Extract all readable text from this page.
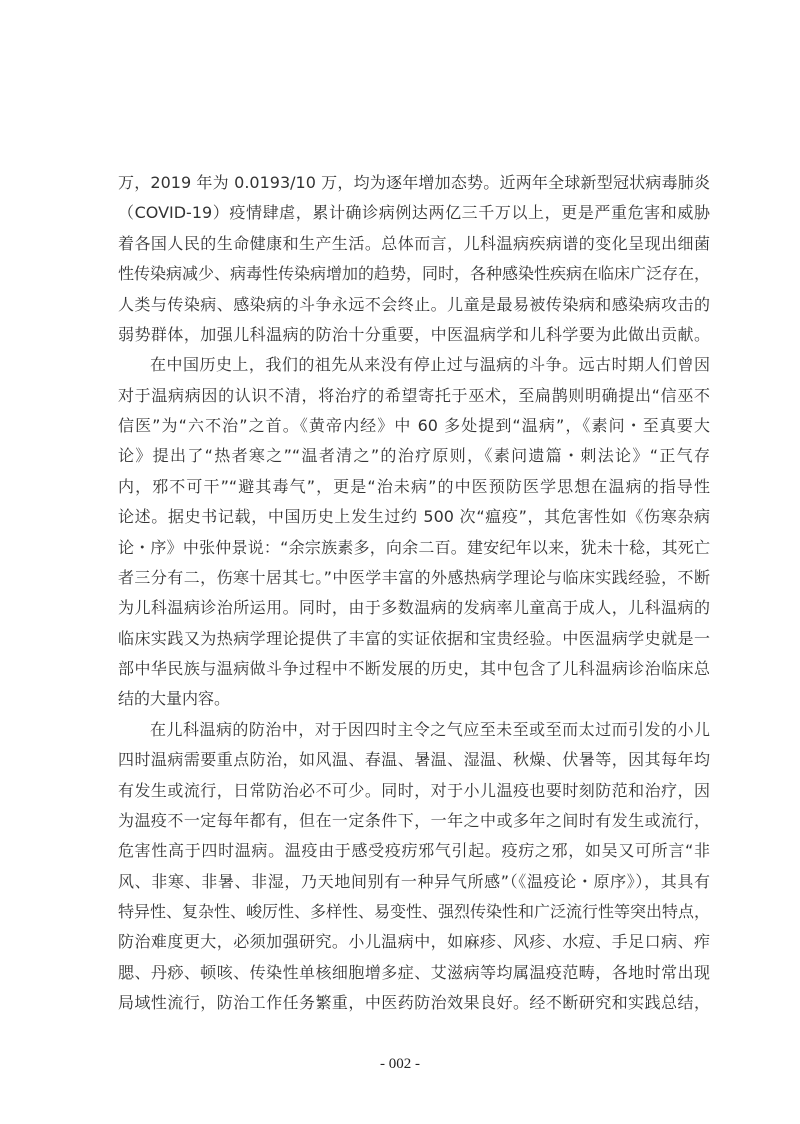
万，2019 年为 0.0193/10 万，均为逐年增加态势。近两年全球新型冠状病毒肺炎
（COVID-19）疫情肆虐，累计确诊病例达两亿三千万以上，更是严重危害和威胁
着各国人民的生命健康和生产生活。总体而言，儿科温病疾病谱的变化呈现出细菌
性传染病减少、病毒性传染病增加的趋势，同时，各种感染性疾病在临床广泛存在，
人类与传染病、感染病的斗争永远不会终止。儿童是最易被传染病和感染病攻击的
弱势群体，加强儿科温病的防治十分重要，中医温病学和儿科学要为此做出贡献。
在中国历史上，我们的祖先从来没有停止过与温病的斗争。远古时期人们曾因
对于温病病因的认识不清，将治疗的希望寄托于巫术，至扁鹊则明确提出“信巫不
信医”为“六不治”之首。《黄帝内经》中 60 多处提到“温病”，《素问・至真要大
论》提出了“热者寒之”“温者清之”的治疗原则，《素问遗篇・刺法论》“正气存
内，邪不可干”“避其毒气”，更是“治未病”的中医预防医学思想在温病的指导性
论述。据史书记载，中国历史上发生过约 500 次“瘟疫”，其危害性如《伤寒杂病
论・序》中张仲景说：“余宗族素多，向余二百。建安纪年以来，犹未十稔，其死亡
者三分有二，伤寒十居其七。”中医学丰富的外感热病学理论与临床实践经验，不断
为儿科温病诊治所运用。同时，由于多数温病的发病率儿童高于成人，儿科温病的
临床实践又为热病学理论提供了丰富的实证依据和宝贵经验。中医温病学史就是一
部中华民族与温病做斗争过程中不断发展的历史，其中包含了儿科温病诊治临床总
结的大量内容。
在儿科温病的防治中，对于因四时主令之气应至未至或至而太过而引发的小儿
四时温病需要重点防治，如风温、春温、暑温、湿温、秋燥、伏暑等，因其每年均
有发生或流行，日常防治必不可少。同时，对于小儿温疫也要时刻防范和治疗，因
为温疫不一定每年都有，但在一定条件下，一年之中或多年之间时有发生或流行，
危害性高于四时温病。温疫由于感受疫疠邪气引起。疫疠之邪，如吴又可所言“非
风、非寒、非暑、非湿，乃天地间别有一种异气所感”（《温疫论・原序》），其具有
特异性、复杂性、峻厉性、多样性、易变性、强烈传染性和广泛流行性等突出特点，
防治难度更大，必须加强研究。小儿温病中，如麻疹、风疹、水痘、手足口病、痄
腮、丹痧、顿咳、传染性单核细胞增多症、艾滋病等均属温疫范畴，各地时常出现
局域性流行，防治工作任务繁重，中医药防治效果良好。经不断研究和实践总结，
- 002 -
